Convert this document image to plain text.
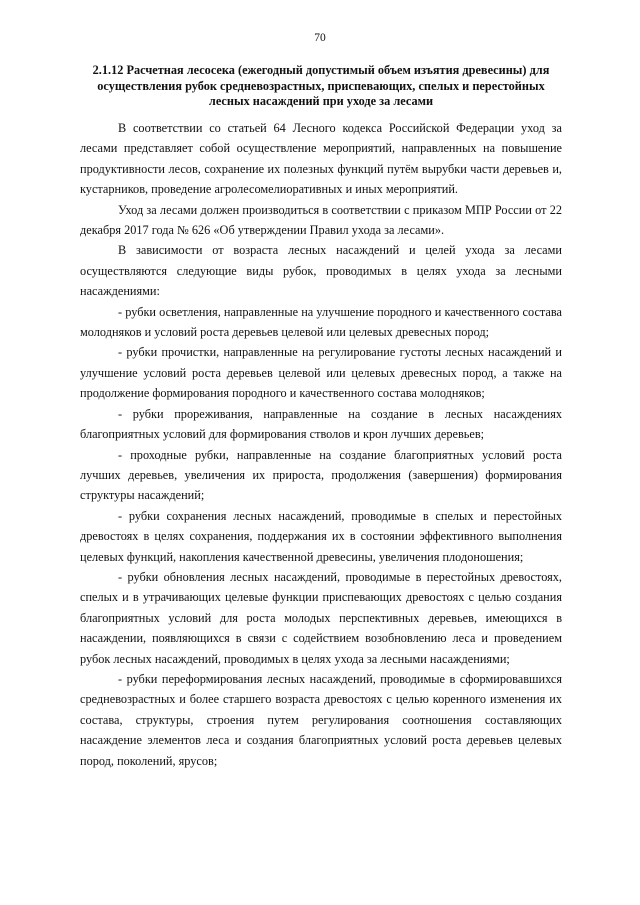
70
2.1.12 Расчетная лесосека (ежегодный допустимый объем изъятия древесины) для осуществления рубок средневозрастных, приспевающих, спелых и перестойных лесных насаждений при уходе за лесами

В соответствии со статьей 64 Лесного кодекса Российской Федерации уход за лесами представляет собой осуществление мероприятий, направленных на повышение продуктивности лесов, сохранение их полезных функций путём вырубки части деревьев и, кустарников, проведение агролесомелиоративных и иных мероприятий.

Уход за лесами должен производиться в соответствии с приказом МПР России от 22 декабря 2017 года № 626 «Об утверждении Правил ухода за лесами».

В зависимости от возраста лесных насаждений и целей ухода за лесами осуществляются следующие виды рубок, проводимых в целях ухода за лесными насаждениями:

- рубки осветления, направленные на улучшение породного и качественного состава молодняков и условий роста деревьев целевой или целевых древесных пород;

- рубки прочистки, направленные на регулирование густоты лесных насаждений и улучшение условий роста деревьев целевой или целевых древесных пород, а также на продолжение формирования породного и качественного состава молодняков;

- рубки прореживания, направленные на создание в лесных насаждениях благоприятных условий для формирования стволов и крон лучших деревьев;

- проходные рубки, направленные на создание благоприятных условий роста лучших деревьев, увеличения их прироста, продолжения (завершения) формирования структуры насаждений;

- рубки сохранения лесных насаждений, проводимые в спелых и перестойных древостоях в целях сохранения, поддержания их в состоянии эффективного выполнения целевых функций, накопления качественной древесины, увеличения плодоношения;

- рубки обновления лесных насаждений, проводимые в перестойных древостоях, спелых и в утрачивающих целевые функции приспевающих древостоях с целью создания благоприятных условий для роста молодых перспективных деревьев, имеющихся в насаждении, появляющихся в связи с содействием возобновлению леса и проведением рубок лесных насаждений, проводимых в целях ухода за лесными насаждениями;

- рубки переформирования лесных насаждений, проводимые в сформировавшихся средневозрастных и более старшего возраста древостоях с целью коренного изменения их состава, структуры, строения путем регулирования соотношения составляющих насаждение элементов леса и создания благоприятных условий роста деревьев целевых пород, поколений, ярусов;
